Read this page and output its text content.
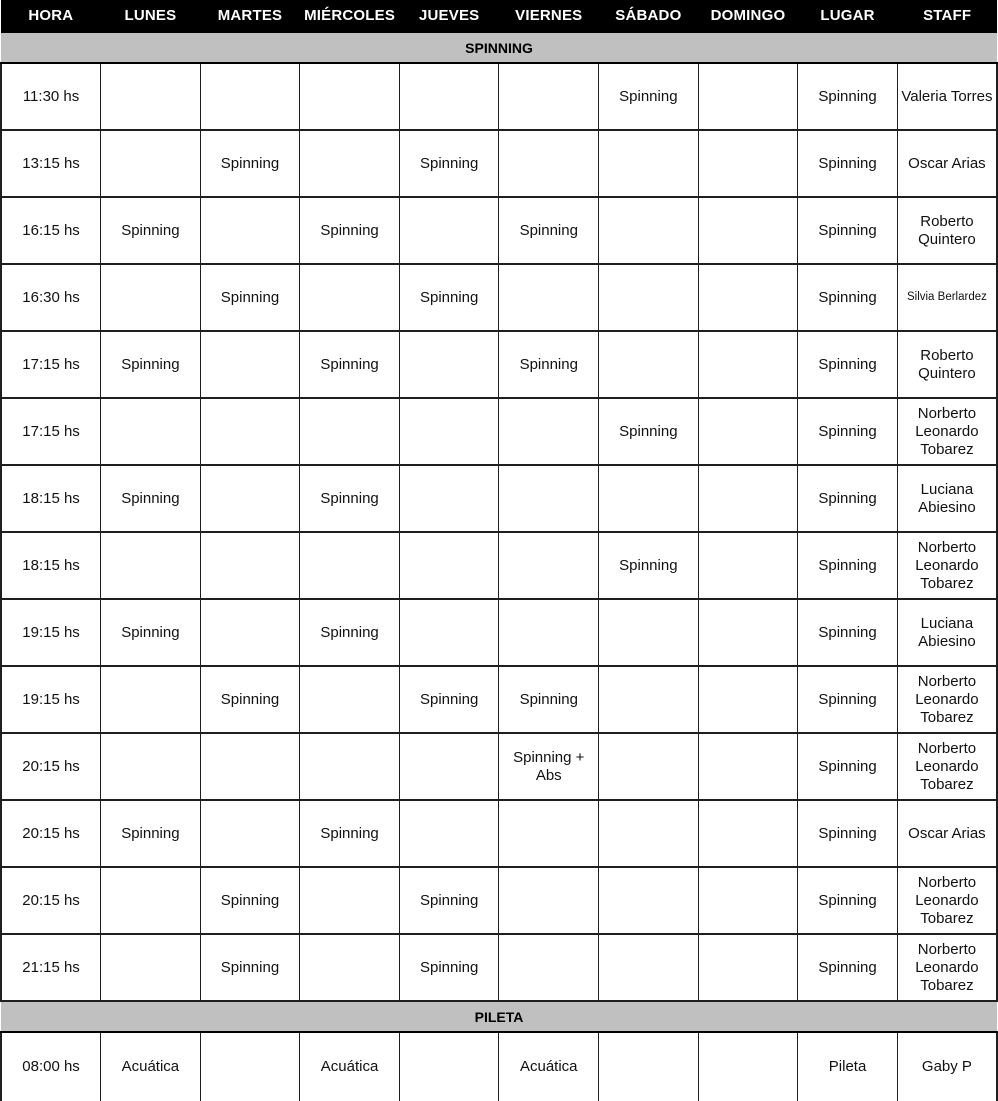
HORA	LUNES	MARTES	MIÉRCOLES	JUEVES	VIERNES	SÁBADO	DOMINGO	LUGAR	STAFF
SPINNING									
11:30 hs						Spinning		Spinning	Valeria Torres
13:15 hs		Spinning		Spinning				Spinning	Oscar Arias
16:15 hs	Spinning		Spinning		Spinning			Spinning	Roberto Quintero
16:30 hs		Spinning		Spinning				Spinning	Silvia Berlardez
17:15 hs	Spinning		Spinning		Spinning			Spinning	Roberto Quintero
17:15 hs						Spinning		Spinning	Norberto Leonardo Tobarez
18:15 hs	Spinning		Spinning					Spinning	Luciana Abiesino
18:15 hs						Spinning		Spinning	Norberto Leonardo Tobarez
19:15 hs	Spinning		Spinning					Spinning	Luciana Abiesino
19:15 hs		Spinning		Spinning	Spinning			Spinning	Norberto Leonardo Tobarez
20:15 hs					Spinning + Abs			Spinning	Norberto Leonardo Tobarez
20:15 hs	Spinning		Spinning					Spinning	Oscar Arias
20:15 hs		Spinning		Spinning				Spinning	Norberto Leonardo Tobarez
21:15 hs		Spinning		Spinning				Spinning	Norberto Leonardo Tobarez
PILETA									
08:00 hs	Acuática		Acuática		Acuática			Pileta	Gaby P
